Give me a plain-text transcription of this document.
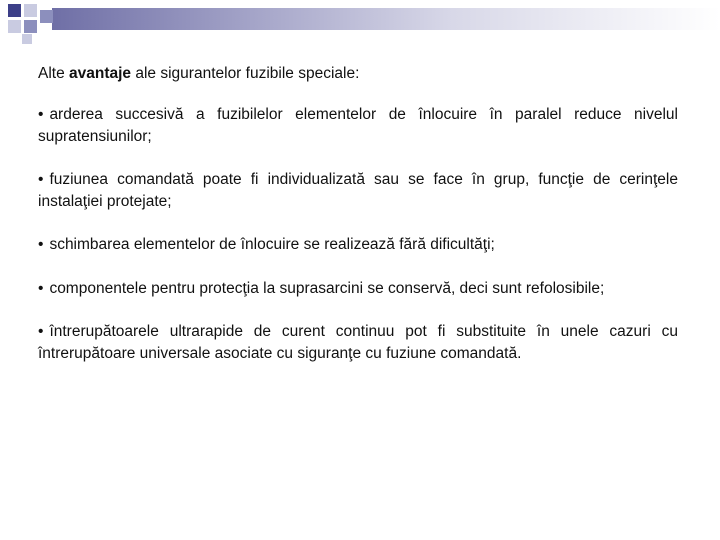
Alte avantaje ale sigurantelor fuzibile speciale:

• arderea succesivă a fuzibilelor elementelor de înlocuire în paralel reduce nivelul supratensiunilor;

• fuziunea comandată poate fi individualizată sau se face în grup, funcţie de cerinţele instalaţiei protejate;

• schimbarea elementelor de înlocuire se realizează fără dificultăţi;

• componentele pentru protecţia la suprasarcini se conservă, deci sunt refolosibile;

• întrerupătoarele ultrarapide de curent continuu pot fi substituite în unele cazuri cu întrerupătoare universale asociate cu siguranţe cu fuziune comandată.
